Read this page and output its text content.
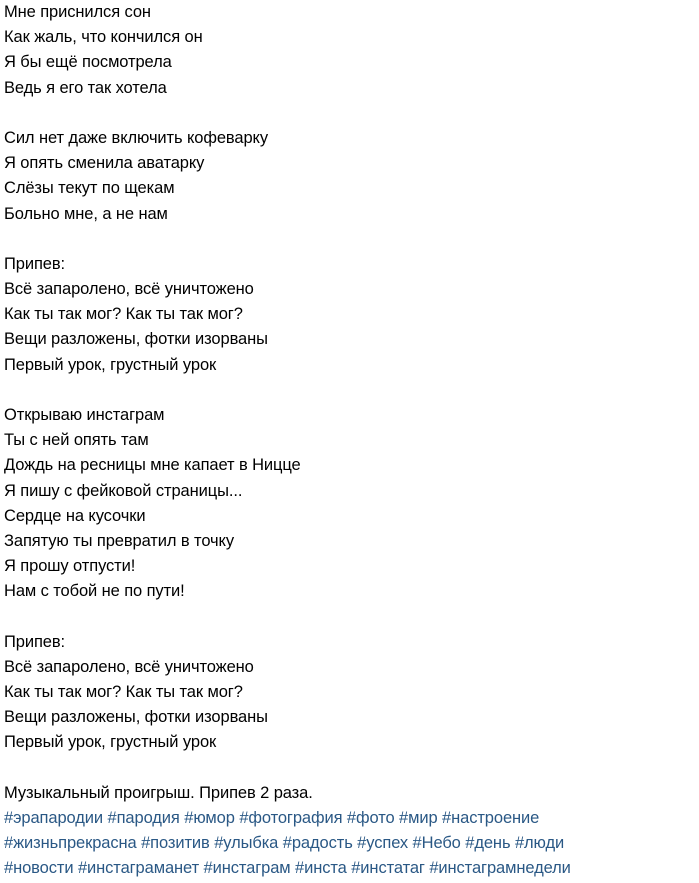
Мне приснился сон
Как жаль, что кончился он
Я бы ещё посмотрела
Ведь я его так хотела
Сил нет даже включить кофеварку
Я опять сменила аватарку
Слёзы текут по щекам
Больно мне, а не нам
Припев:
Всё запаролено, всё уничтожено
Как ты так мог? Как ты так мог?
Вещи разложены, фотки изорваны
Первый урок, грустный урок
Открываю инстаграм
Ты с ней опять там
Дождь на ресницы мне капает в Ницце
Я пишу с фейковой страницы...
Сердце на кусочки
Запятую ты превратил в точку
Я прошу отпусти!
Нам с тобой не по пути!
Припев:
Всё запаролено, всё уничтожено
Как ты так мог? Как ты так мог?
Вещи разложены, фотки изорваны
Первый урок, грустный урок
Музыкальный проигрыш. Припев 2 раза.
#эрапародии #пародия #юмор #фотография #фото #мир #настроение
#жизньпрекрасна #позитив #улыбка #радость #успех #Небо #день #люди
#новости #инстаграманет #инстаграм #инста #инстатаг #инстаграмнедели
